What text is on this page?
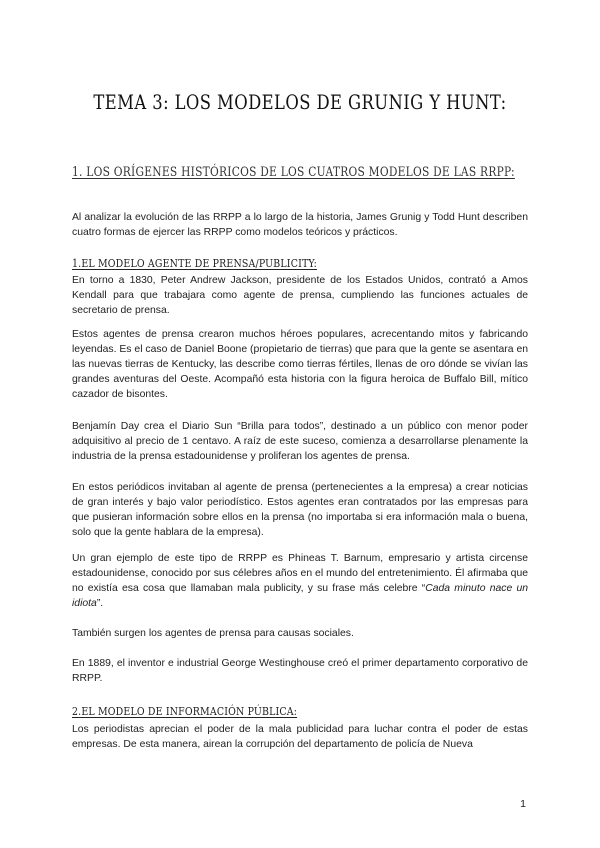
TEMA 3: LOS MODELOS DE GRUNIG Y HUNT:
1. LOS ORÍGENES HISTÓRICOS DE LOS CUATROS MODELOS DE LAS RRPP:
Al analizar la evolución de las RRPP a lo largo de la historia, James Grunig y Todd Hunt describen cuatro formas de ejercer las RRPP como modelos teóricos y prácticos.
1.EL MODELO AGENTE DE PRENSA/PUBLICITY:
En torno a 1830, Peter Andrew Jackson, presidente de los Estados Unidos, contrató a Amos Kendall para que trabajara como agente de prensa, cumpliendo las funciones actuales de secretario de prensa.
Estos agentes de prensa crearon muchos héroes populares, acrecentando mitos y fabricando leyendas. Es el caso de Daniel Boone (propietario de tierras) que para que la gente se asentara en las nuevas tierras de Kentucky, las describe como tierras fértiles, llenas de oro dónde se vivían las grandes aventuras del Oeste. Acompañó esta historia con la figura heroica de Buffalo Bill, mítico cazador de bisontes.
Benjamín Day crea el Diario Sun “Brilla para todos”, destinado a un público con menor poder adquisitivo al precio de 1 centavo. A raíz de este suceso, comienza a desarrollarse plenamente la industria de la prensa estadounidense y proliferan los agentes de prensa.
En estos periódicos invitaban al agente de prensa (pertenecientes a la empresa) a crear noticias de gran interés y bajo valor periodístico. Estos agentes eran contratados por las empresas para que pusieran información sobre ellos en la prensa (no importaba si era información mala o buena, solo que la gente hablara de la empresa).
Un gran ejemplo de este tipo de RRPP es Phineas T. Barnum, empresario y artista circense estadounidense, conocido por sus célebres años en el mundo del entretenimiento. Él afirmaba que no existía esa cosa que llamaban mala publicity, y su frase más celebre “Cada minuto nace un idiota”.
También surgen los agentes de prensa para causas sociales.
En 1889, el inventor e industrial George Westinghouse creó el primer departamento corporativo de RRPP.
2.EL MODELO DE INFORMACIÓN PÚBLICA:
Los periodistas aprecian el poder de la mala publicidad para luchar contra el poder de estas empresas. De esta manera, airean la corrupción del departamento de policía de Nueva
1
